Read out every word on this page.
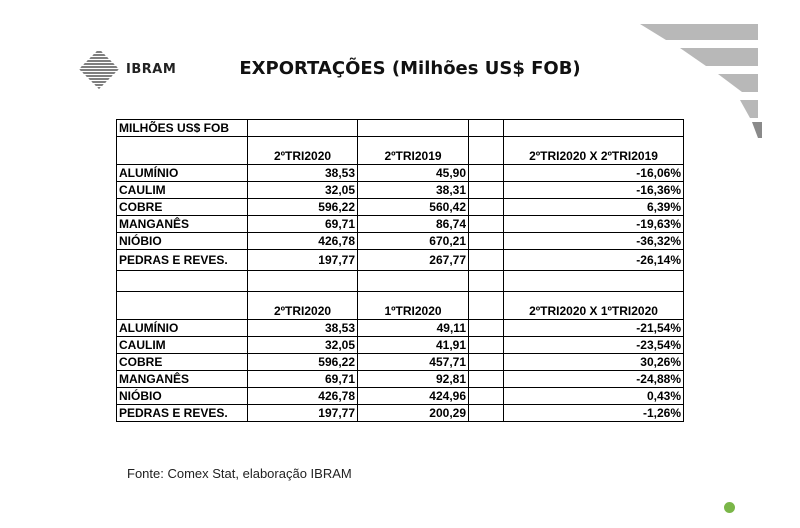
IBRAM	EXPORTAÇÕES (Milhões US$ FOB)
MILHÕES US$ FOB				
	2ºTRI2020	2ºTRI2019		2ºTRI2020 X 2ºTRI2019
ALUMÍNIO	38,53	45,90		-16,06%
CAULIM	32,05	38,31		-16,36%
COBRE	596,22	560,42		6,39%
MANGANÊS	69,71	86,74		-19,63%
NIÓBIO	426,78	670,21		-36,32%
PEDRAS E REVES.	197,77	267,77		-26,14%

	2ºTRI2020	1ºTRI2020		2ºTRI2020 X 1ºTRI2020
ALUMÍNIO	38,53	49,11		-21,54%
CAULIM	32,05	41,91		-23,54%
COBRE	596,22	457,71		30,26%
MANGANÊS	69,71	92,81		-24,88%
NIÓBIO	426,78	424,96		0,43%
PEDRAS E REVES.	197,77	200,29		-1,26%
Fonte: Comex Stat, elaboração IBRAM
